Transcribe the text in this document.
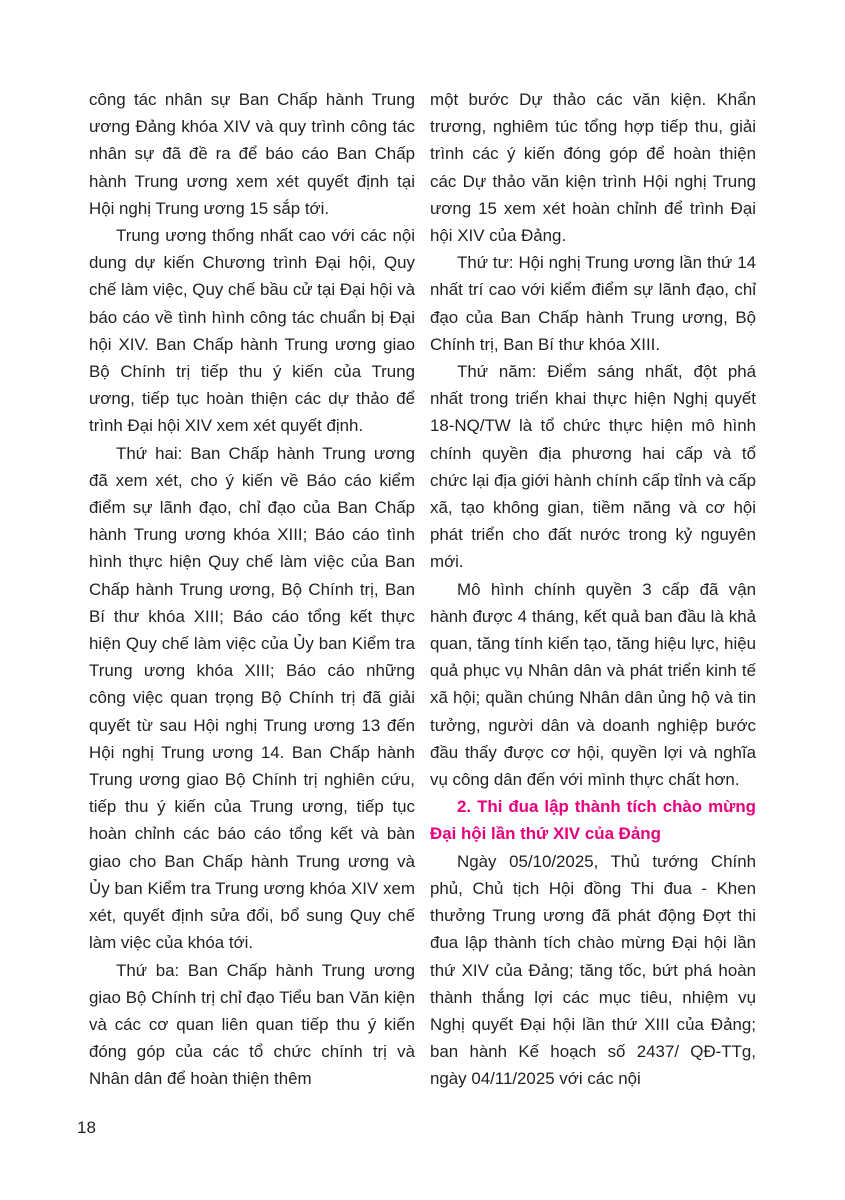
công tác nhân sự Ban Chấp hành Trung ương Đảng khóa XIV và quy trình công tác nhân sự đã đề ra để báo cáo Ban Chấp hành Trung ương xem xét quyết định tại Hội nghị Trung ương 15 sắp tới.

Trung ương thống nhất cao với các nội dung dự kiến Chương trình Đại hội, Quy chế làm việc, Quy chế bầu cử tại Đại hội và báo cáo về tình hình công tác chuẩn bị Đại hội XIV. Ban Chấp hành Trung ương giao Bộ Chính trị tiếp thu ý kiến của Trung ương, tiếp tục hoàn thiện các dự thảo để trình Đại hội XIV xem xét quyết định.

Thứ hai: Ban Chấp hành Trung ương đã xem xét, cho ý kiến về Báo cáo kiểm điểm sự lãnh đạo, chỉ đạo của Ban Chấp hành Trung ương khóa XIII; Báo cáo tình hình thực hiện Quy chế làm việc của Ban Chấp hành Trung ương, Bộ Chính trị, Ban Bí thư khóa XIII; Báo cáo tổng kết thực hiện Quy chế làm việc của Ủy ban Kiểm tra Trung ương khóa XIII; Báo cáo những công việc quan trọng Bộ Chính trị đã giải quyết từ sau Hội nghị Trung ương 13 đến Hội nghị Trung ương 14. Ban Chấp hành Trung ương giao Bộ Chính trị nghiên cứu, tiếp thu ý kiến của Trung ương, tiếp tục hoàn chỉnh các báo cáo tổng kết và bàn giao cho Ban Chấp hành Trung ương và Ủy ban Kiểm tra Trung ương khóa XIV xem xét, quyết định sửa đổi, bổ sung Quy chế làm việc của khóa tới.

Thứ ba: Ban Chấp hành Trung ương giao Bộ Chính trị chỉ đạo Tiểu ban Văn kiện và các cơ quan liên quan tiếp thu ý kiến đóng góp của các tổ chức chính trị và Nhân dân để hoàn thiện thêm

một bước Dự thảo các văn kiện. Khẩn trương, nghiêm túc tổng hợp tiếp thu, giải trình các ý kiến đóng góp để hoàn thiện các Dự thảo văn kiện trình Hội nghị Trung ương 15 xem xét hoàn chỉnh để trình Đại hội XIV của Đảng.

Thứ tư: Hội nghị Trung ương lần thứ 14 nhất trí cao với kiểm điểm sự lãnh đạo, chỉ đạo của Ban Chấp hành Trung ương, Bộ Chính trị, Ban Bí thư khóa XIII.

Thứ năm: Điểm sáng nhất, đột phá nhất trong triển khai thực hiện Nghị quyết 18-NQ/TW là tổ chức thực hiện mô hình chính quyền địa phương hai cấp và tổ chức lại địa giới hành chính cấp tỉnh và cấp xã, tạo không gian, tiềm năng và cơ hội phát triển cho đất nước trong kỷ nguyên mới.

Mô hình chính quyền 3 cấp đã vận hành được 4 tháng, kết quả ban đầu là khả quan, tăng tính kiến tạo, tăng hiệu lực, hiệu quả phục vụ Nhân dân và phát triển kinh tế xã hội; quần chúng Nhân dân ủng hộ và tin tưởng, người dân và doanh nghiệp bước đầu thấy được cơ hội, quyền lợi và nghĩa vụ công dân đến với mình thực chất hơn.

2. Thi đua lập thành tích chào mừng Đại hội lần thứ XIV của Đảng

Ngày 05/10/2025, Thủ tướng Chính phủ, Chủ tịch Hội đồng Thi đua - Khen thưởng Trung ương đã phát động Đợt thi đua lập thành tích chào mừng Đại hội lần thứ XIV của Đảng; tăng tốc, bứt phá hoàn thành thắng lợi các mục tiêu, nhiệm vụ Nghị quyết Đại hội lần thứ XIII của Đảng; ban hành Kế hoạch số 2437/ QĐ-TTg, ngày 04/11/2025 với các nội

18
